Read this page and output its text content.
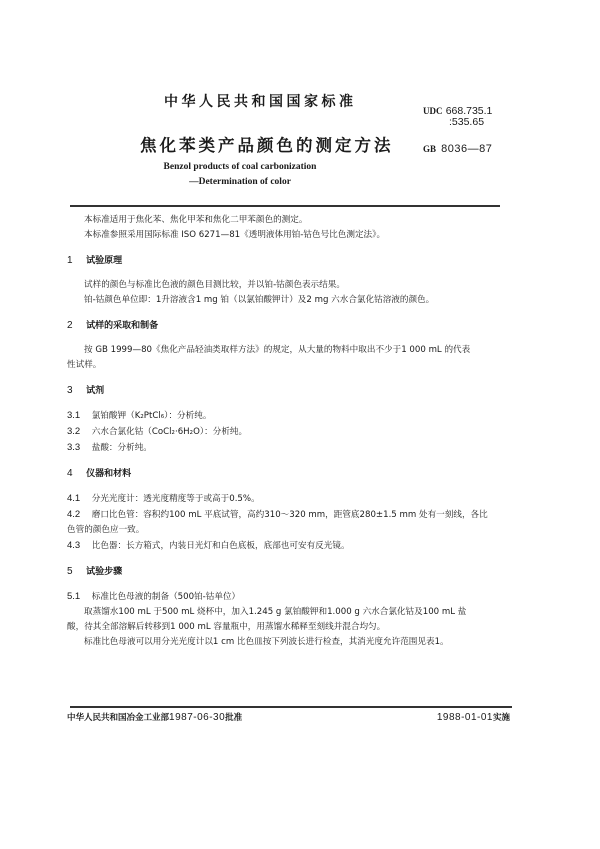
中华人民共和国国家标准
UDC 668.735.1
:535.65
焦化苯类产品颜色的测定方法	GB 8036—87
Benzol products of coal carbonization
—Determination of color

本标准适用于焦化苯、焦化甲苯和焦化二甲苯颜色的测定。

本标准参照采用国际标准 ISO 6271—81《透明液体用铂-钴色号比色测定法》。

1 试验原理

试样的颜色与标准比色液的颜色目测比较，并以铂-钴颜色表示结果。

铂-钴颜色单位即：1升溶液含1 mg 铂（以氯铂酸钾计）及2 mg 六水合氯化钴溶液的颜色。

2 试样的采取和制备

按 GB 1999—80《焦化产品轻油类取样方法》的规定，从大量的物料中取出不少于1 000 mL 的代表

性试样。

3 试剂

3.1 氯铂酸钾（K₂PtCl₆）：分析纯。

3.2 六水合氯化钴（CoCl₂·6H₂O）：分析纯。

3.3 盐酸：分析纯。

4 仪器和材料

4.1 分光光度计：透光度精度等于或高于0.5%。

4.2 磨口比色管：容积约100 mL 平底试管，高约310～320 mm，距管底280±1.5 mm 处有一刻线，各比

色管的颜色应一致。

4.3 比色器：长方箱式，内装日光灯和白色底板，底部也可安有反光镜。

5 试验步骤

5.1 标准比色母液的制备（500铂-钴单位）

取蒸馏水100 mL 于500 mL 烧杯中，加入1.245 g 氯铂酸钾和1.000 g 六水合氯化钴及100 mL 盐

酸，待其全部溶解后转移到1 000 mL 容量瓶中，用蒸馏水稀释至刻线并混合均匀。

标准比色母液可以用分光光度计以1 cm 比色皿按下列波长进行检查，其消光度允许范围见表1。

中华人民共和国冶金工业部1987-06-30批准	1988-01-01实施
